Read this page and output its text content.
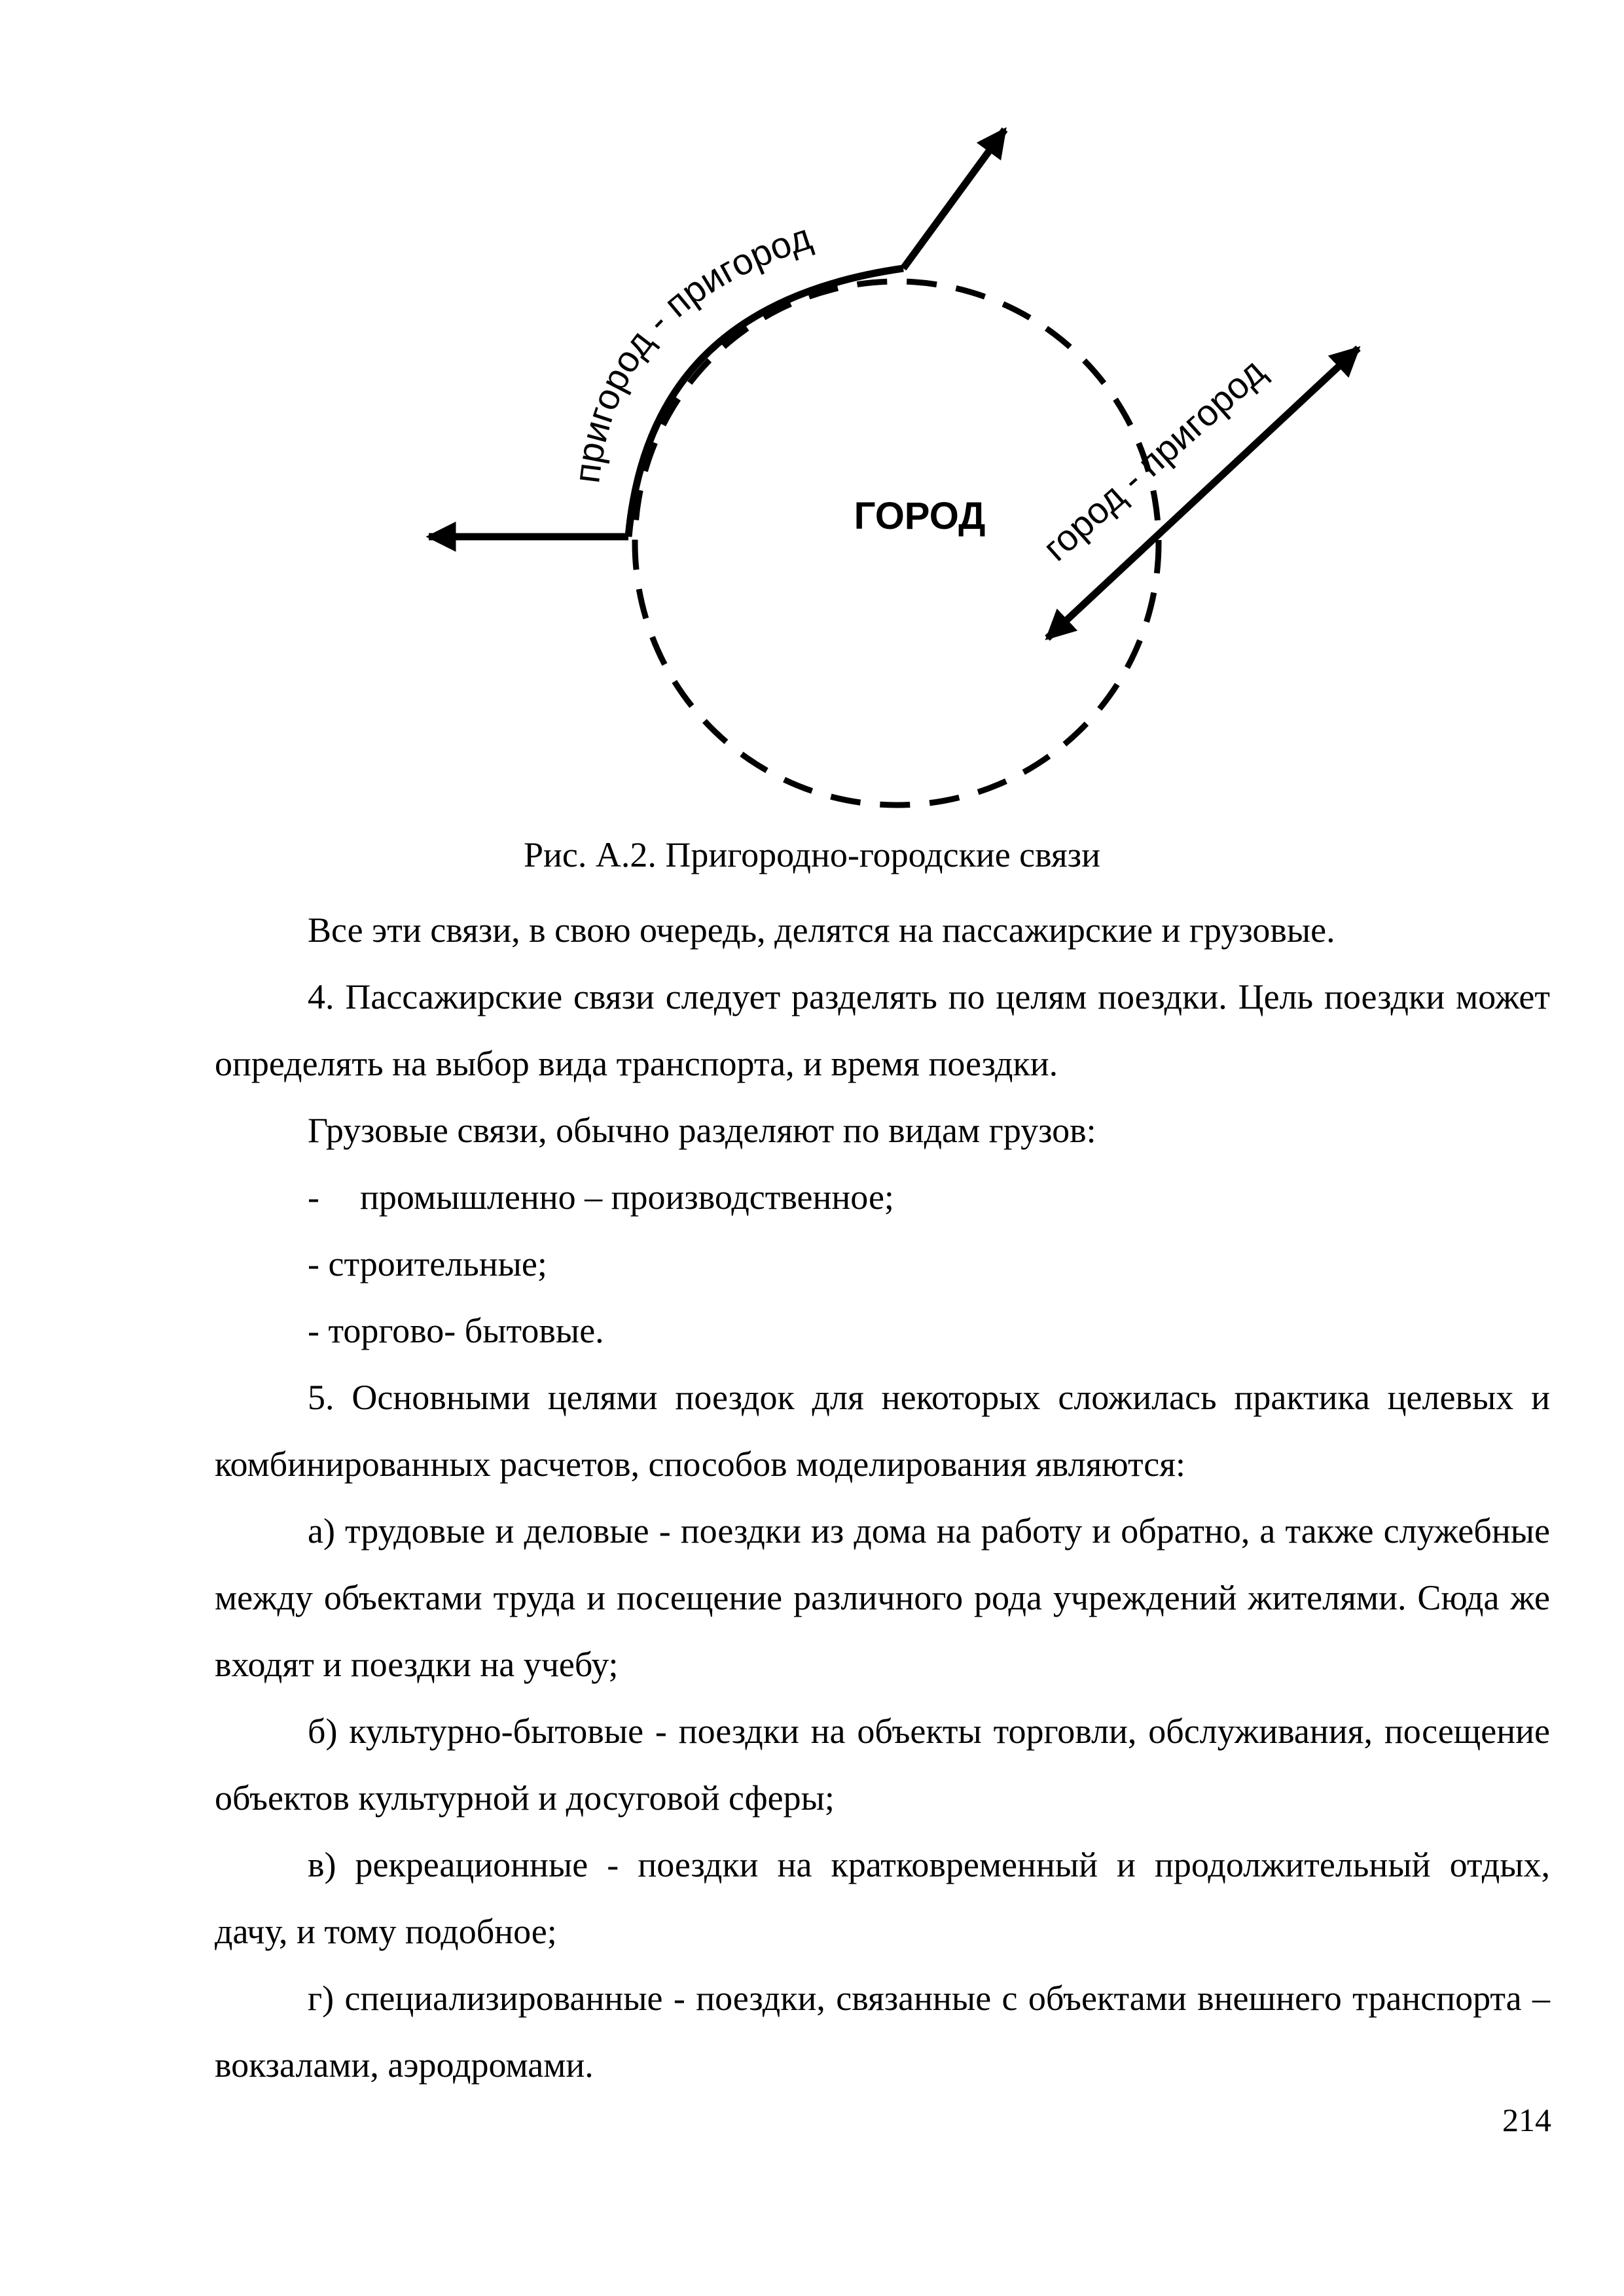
пригород - пригород
город - пригород
ГОРОД
Рис. А.2. Пригородно-городские связи

Все эти связи, в свою очередь, делятся на пассажирские и грузовые.

4. Пассажирские связи следует разделять по целям поездки. Цель поездки может определять на выбор вида транспорта, и время поездки.

Грузовые связи, обычно разделяют по видам грузов:

- промышленно – производственное;

- строительные;

- торгово- бытовые.

5. Основными целями поездок для некоторых сложилась практика целевых и комбинированных расчетов, способов моделирования являются:

а) трудовые и деловые - поездки из дома на работу и обратно, а также служебные между объектами труда и посещение различного рода учреждений жителями. Сюда же входят и поездки на учебу;

б) культурно-бытовые - поездки на объекты торговли, обслуживания, посещение объектов культурной и досуговой сферы;

в) рекреационные - поездки на кратковременный и продолжительный отдых, дачу, и тому подобное;

г) специализированные - поездки, связанные с объектами внешнего транспорта – вокзалами, аэродромами.

214
